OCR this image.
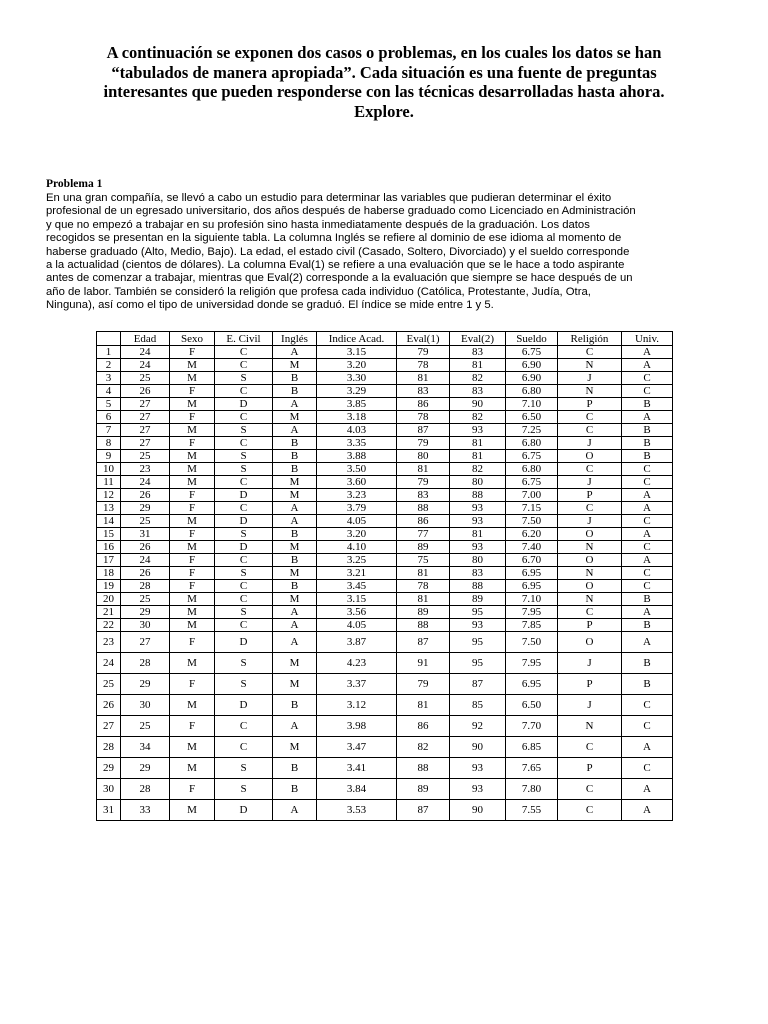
A continuación se exponen dos casos o problemas, en los cuales los datos se han
“tabulados de manera apropiada”. Cada situación es una fuente de preguntas
interesantes que pueden responderse con las técnicas desarrolladas hasta ahora.
Explore.
Problema 1
En una gran compañía, se llevó a cabo un estudio para determinar las variables que pudieran determinar el éxito
profesional de un egresado universitario, dos años después de haberse graduado como Licenciado en Administración
y que no empezó a trabajar en su profesión sino hasta inmediatamente después de la graduación. Los datos
recogidos se presentan en la siguiente tabla. La columna Inglés se refiere al dominio de ese idioma al momento de
haberse graduado (Alto, Medio, Bajo). La edad, el estado civil (Casado, Soltero, Divorciado) y el sueldo corresponde
a la actualidad (cientos de dólares). La columna Eval(1) se refiere a una evaluación que se le hace a todo aspirante
antes de comenzar a trabajar, mientras que Eval(2) corresponde a la evaluación que siempre se hace después de un
año de labor. También se consideró la religión que profesa cada individuo (Católica, Protestante, Judía, Otra,
Ninguna), así como el tipo de universidad donde se graduó. El índice se mide entre 1 y 5.
	Edad	Sexo	E. Civil	Inglés	Indice Acad.	Eval(1)	Eval(2)	Sueldo	Religión	Univ.
1	24	F	C	A	3.15	79	83	6.75	C	A
2	24	M	C	M	3.20	78	81	6.90	N	A
3	25	M	S	B	3.30	81	82	6.90	J	C
4	26	F	C	B	3.29	83	83	6.80	N	C
5	27	M	D	A	3.85	86	90	7.10	P	B
6	27	F	C	M	3.18	78	82	6.50	C	A
7	27	M	S	A	4.03	87	93	7.25	C	B
8	27	F	C	B	3.35	79	81	6.80	J	B
9	25	M	S	B	3.88	80	81	6.75	O	B
10	23	M	S	B	3.50	81	82	6.80	C	C
11	24	M	C	M	3.60	79	80	6.75	J	C
12	26	F	D	M	3.23	83	88	7.00	P	A
13	29	F	C	A	3.79	88	93	7.15	C	A
14	25	M	D	A	4.05	86	93	7.50	J	C
15	31	F	S	B	3.20	77	81	6.20	O	A
16	26	M	D	M	4.10	89	93	7.40	N	C
17	24	F	C	B	3.25	75	80	6.70	O	A
18	26	F	S	M	3.21	81	83	6.95	N	C
19	28	F	C	B	3.45	78	88	6.95	O	C
20	25	M	C	M	3.15	81	89	7.10	N	B
21	29	M	S	A	3.56	89	95	7.95	C	A
22	30	M	C	A	4.05	88	93	7.85	P	B
23	27	F	D	A	3.87	87	95	7.50	O	A
24	28	M	S	M	4.23	91	95	7.95	J	B
25	29	F	S	M	3.37	79	87	6.95	P	B
26	30	M	D	B	3.12	81	85	6.50	J	C
27	25	F	C	A	3.98	86	92	7.70	N	C
28	34	M	C	M	3.47	82	90	6.85	C	A
29	29	M	S	B	3.41	88	93	7.65	P	C
30	28	F	S	B	3.84	89	93	7.80	C	A
31	33	M	D	A	3.53	87	90	7.55	C	A
